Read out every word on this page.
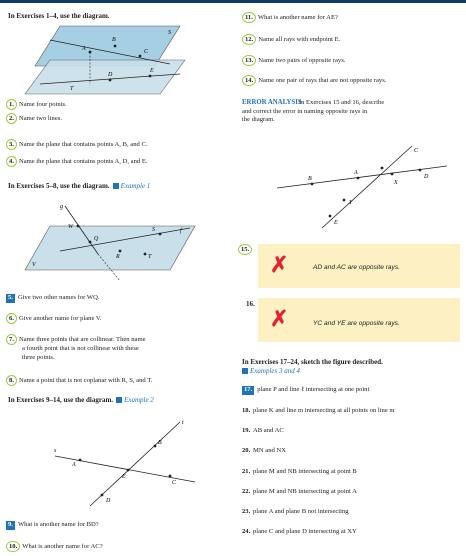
In Exercises 1–4, use the diagram.
B
C
A
D
E
T
S
1. Name four points.
2. Name two lines.
3. Name the plane that contains points A, B, and C.
4. Name the plane that contains points A, D, and E.
In Exercises 5–8, use the diagram. Example 1
g
W
Q
S	f
R	T
V
5. Give two other names for WQ.
6. Give another name for plane V.
7. Name three points that are collinear. Then name
a fourth point that is not collinear with these
three points.
8. Name a point that is not coplanar with R, S, and T.
In Exercises 9–14, use the diagram. Example 2
t
s
B
A
E
C
D
9. What is another name for BD?
10. What is another name for AC?
11. What is another name for AE?
12. Name all rays with endpoint E.
13. Name two pairs of opposite rays.
14. Name one pair of rays that are not opposite rays.
ERROR ANALYSIS
In Exercises 15 and 16, describe
and correct the error in naming opposite rays in
the diagram.
C
B
A
X
D
Y
E
15.
✗	AD and AC are opposite rays.
16.
✗	YC and YE are opposite rays.
In Exercises 17–24, sketch the figure described.
Examples 3 and 4
17. plane P and line ℓ intersecting at one point
18. plane K and line m intersecting at all points on line m
19. AB and AC
20. MN and NX
21. plane M and NB intersecting at point B
22. plane M and NB intersecting at point A
23. plane A and plane B not intersecting
24. plane C and plane D intersecting at XY
